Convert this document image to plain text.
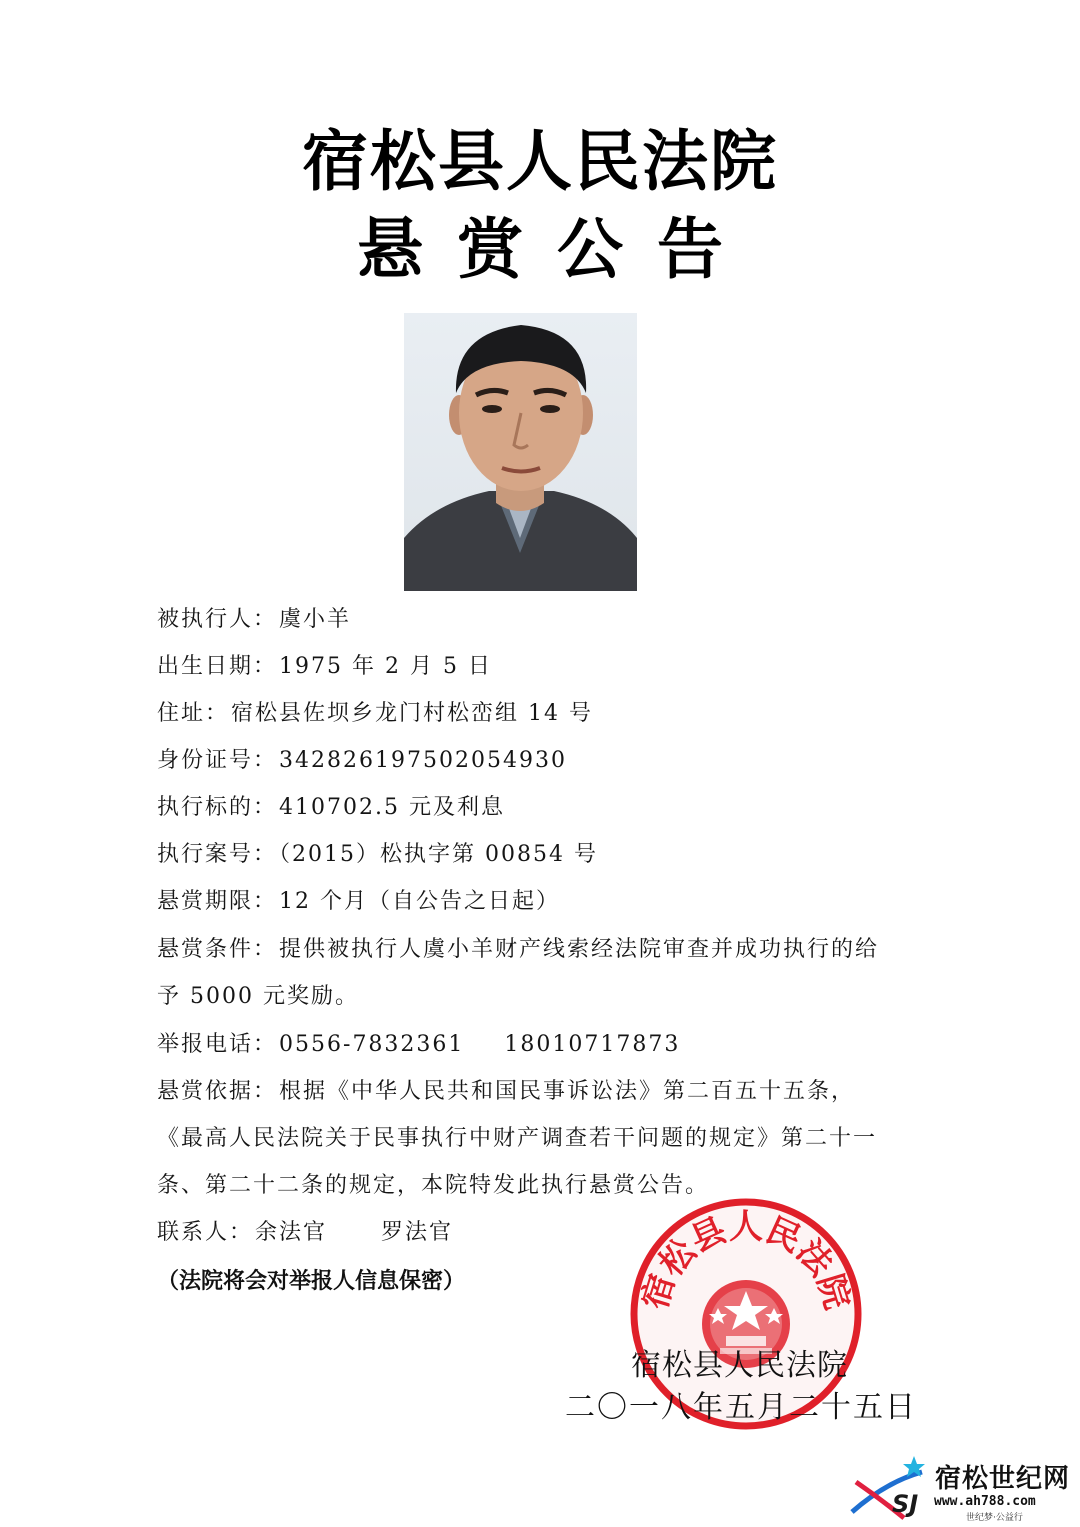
宿松县人民法院
悬赏公告
被执行人：虞小羊
出生日期：1975 年 2 月 5 日
住址：宿松县佐坝乡龙门村松峦组 14 号
身份证号：342826197502054930
执行标的：410702.5 元及利息
执行案号：（2015）松执字第 00854 号
悬赏期限：12 个月（自公告之日起）
悬赏条件：提供被执行人虞小羊财产线索经法院审查并成功执行的给
予 5000 元奖励。
举报电话：0556-7832361 18010717873
悬赏依据：根据《中华人民共和国民事诉讼法》第二百五十五条，
《最高人民法院关于民事执行中财产调查若干问题的规定》第二十一
条、第二十二条的规定，本院特发此执行悬赏公告。
联系人：余法官 罗法官
（法院将会对举报人信息保密）	宿松县人民法院
宿松县人民法院
二〇一八年五月二十五日
SJ
宿松世纪网
www.ah788.com
世纪梦·公益行
